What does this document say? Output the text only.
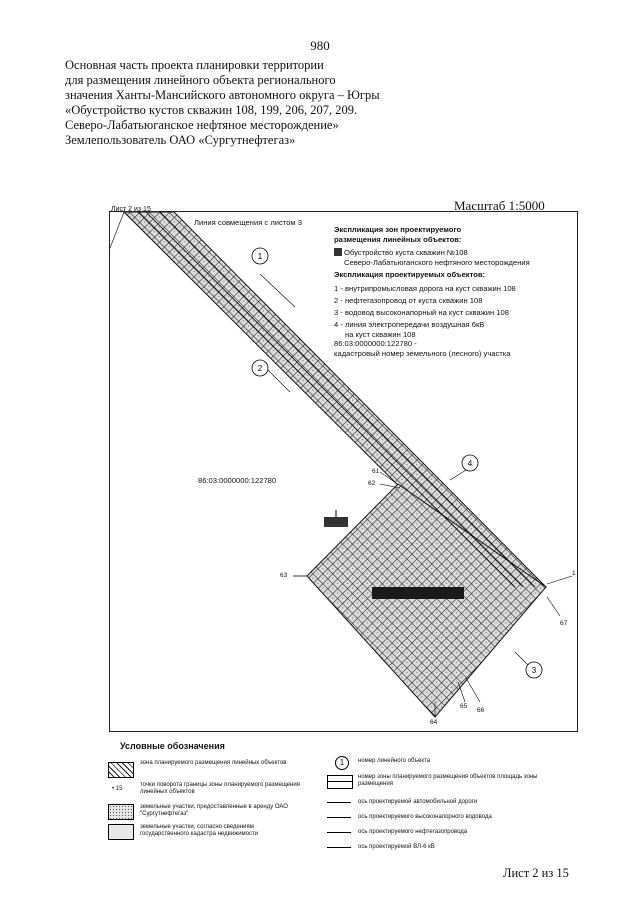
980
Основная часть проекта планировки территории
для размещения линейного объекта регионального
значения Ханты-Мансийского автономного округа – Югры
«Обустройство кустов скважин 108, 199, 206, 207, 209.
Северо-Лабатьюганское нефтяное месторождение»
Землепользователь ОАО «Сургутнефтегаз»
Масштаб 1:5000
Лист 2 из 15
1
2
3
4
Линия совмещения с листом 3
Экспликация зон проектируемого
размещения линейных объектов:
Обустройство куста скважин №108
Северо-Лабатьюганского нефтяного месторождения
Экспликация проектируемых объектов:
1 - внутрипромысловая дорога на куст скважин 108
2 - нефтегазопровод от куста скважин 108
3 - водовод высоконапорный на куст скважин 108
4 - линия электропередачи воздушная 6кВ
на куст скважин 108
86:03:0000000:122780 -
кадастровый номер земельного (лесного) участка
86:03:0000000:122780
61
62
63
64
65
66
67
1
Условные обозначения
зона планируемого размещения линейных объектов
• 15
точки поворота границы зоны планируемого размещения линейных объектов
земельные участки, предоставленные в аренду ОАО "Сургутнефтегаз"
земельные участки, согласно сведениям государственного кадастра недвижимости
1	номер линейного объекта
номер зоны планируемого размещения объектов площадь зоны размещения
ось проектируемой автомобильной дороги
ось проектируемого высоконапорного водовода
ось проектируемого нефтегазопровода
ось проектируемой ВЛ-6 кВ
Лист 2 из 15
